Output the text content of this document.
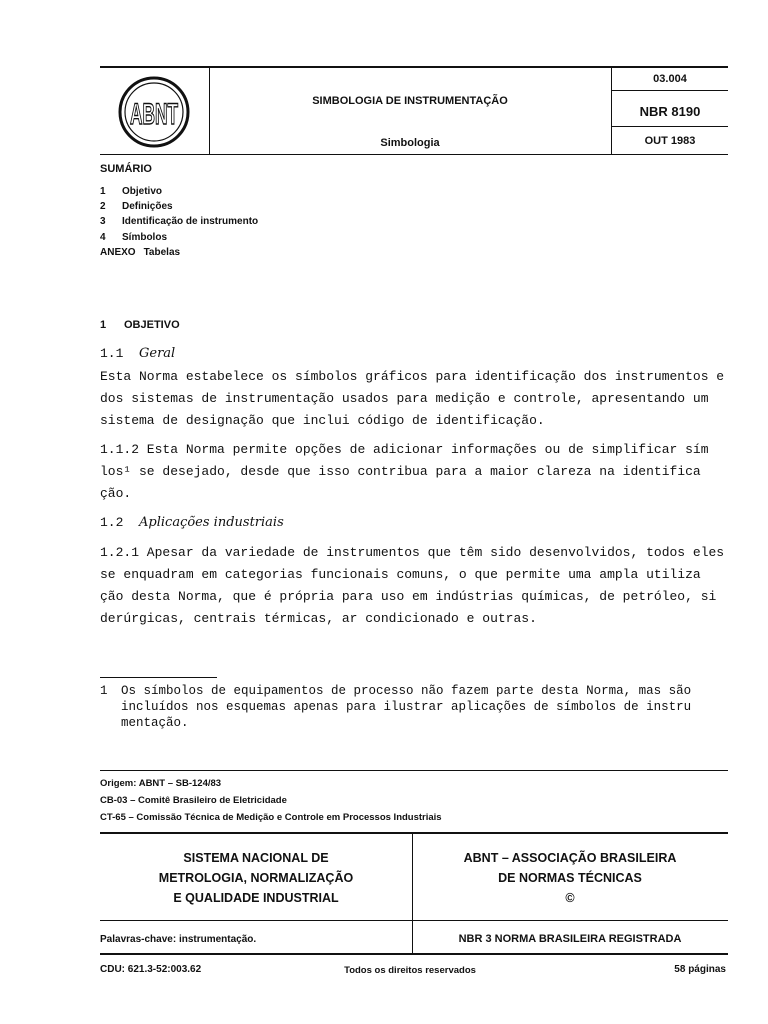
ABNT	SIMBOLOGIA DE INSTRUMENTAÇÃO
Simbologia
03.004
NBR 8190
OUT 1983
SUMÁRIO
1 Objetivo
2 Definições
3 Identificação de instrumento
4 Símbolos
ANEXO Tabelas
1 OBJETIVO
1.1 Geral
Esta Norma estabelece os símbolos gráficos para identificação dos instrumentos e
dos sistemas de instrumentação usados para medição e controle, apresentando um
sistema de designação que inclui código de identificação.
1.1.2 Esta Norma permite opções de adicionar informações ou de simplificar sím
los¹ se desejado, desde que isso contribua para a maior clareza na identifica
ção.
1.2 Aplicações industriais
1.2.1 Apesar da variedade de instrumentos que têm sido desenvolvidos, todos eles
se enquadram em categorias funcionais comuns, o que permite uma ampla utiliza
ção desta Norma, que é própria para uso em indústrias químicas, de petróleo, si
derúrgicas, centrais térmicas, ar condicionado e outras.
1 Os símbolos de equipamentos de processo não fazem parte desta Norma, mas são
incluídos nos esquemas apenas para ilustrar aplicações de símbolos de instru
mentação.
Origem: ABNT – SB-124/83
CB-03 – Comitê Brasileiro de Eletricidade
CT-65 – Comissão Técnica de Medição e Controle em Processos Industriais
SISTEMA NACIONAL DE
METROLOGIA, NORMALIZAÇÃO
E QUALIDADE INDUSTRIAL
ABNT – ASSOCIAÇÃO BRASILEIRA
DE NORMAS TÉCNICAS
©
Palavras-chave: instrumentação.	NBR 3 NORMA BRASILEIRA REGISTRADA
CDU: 621.3-52:003.62	Todos os direitos reservados	58 páginas
